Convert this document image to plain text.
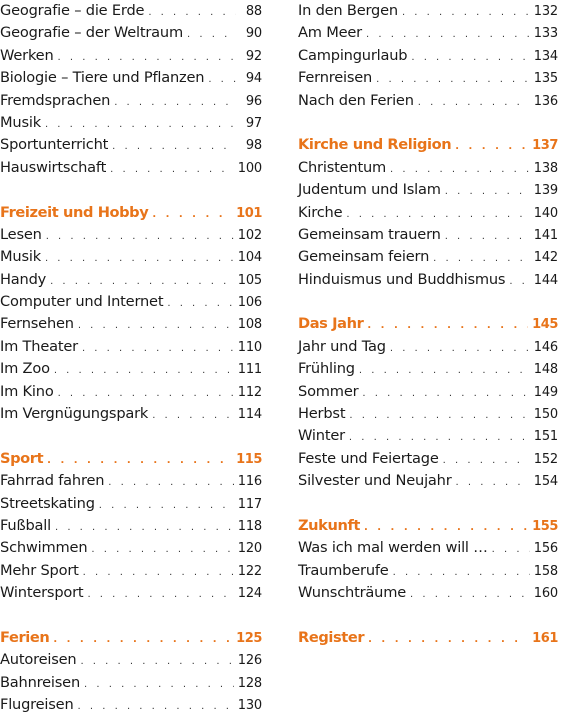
Geografie – die Erde . . .	88
Geografie – der Weltraum . . .	90
Werken . . .	92
Biologie – Tiere und Pflanzen . . .	94
Fremdsprachen . . .	96
Musik . . .	97
Sportunterricht . . .	98
Hauswirtschaft . . .	100
Freizeit und Hobby . . .	101
Lesen . . .	102
Musik . . .	104
Handy . . .	105
Computer und Internet . . .	106
Fernsehen . . .	108
Im Theater . . .	110
Im Zoo . . .	111
Im Kino . . .	112
Im Vergnügungspark . . .	114
Sport . . .	115
Fahrrad fahren . . .	116
Streetskating . . .	117
Fußball . . .	118
Schwimmen . . .	120
Mehr Sport . . .	122
Wintersport . . .	124
Ferien . . .	125
Autoreisen . . .	126
Bahnreisen . . .	128
Flugreisen . . .	130
In den Bergen . . .	132
Am Meer . . .	133
Campingurlaub . . .	134
Fernreisen . . .	135
Nach den Ferien . . .	136
Kirche und Religion . . .	137
Christentum . . .	138
Judentum und Islam . . .	139
Kirche . . .	140
Gemeinsam trauern . . .	141
Gemeinsam feiern . . .	142
Hinduismus und Buddhismus . . . 144
Das Jahr . . .	145
Jahr und Tag . . .	146
Frühling . . .	148
Sommer . . .	149
Herbst . . .	150
Winter . . .	151
Feste und Feiertage . . .	152
Silvester und Neujahr . . .	154
Zukunft . . .	155
Was ich mal werden will … . . .	156
Traumberufe . . .	158
Wunschträume . . .	160
Register . . .	161
